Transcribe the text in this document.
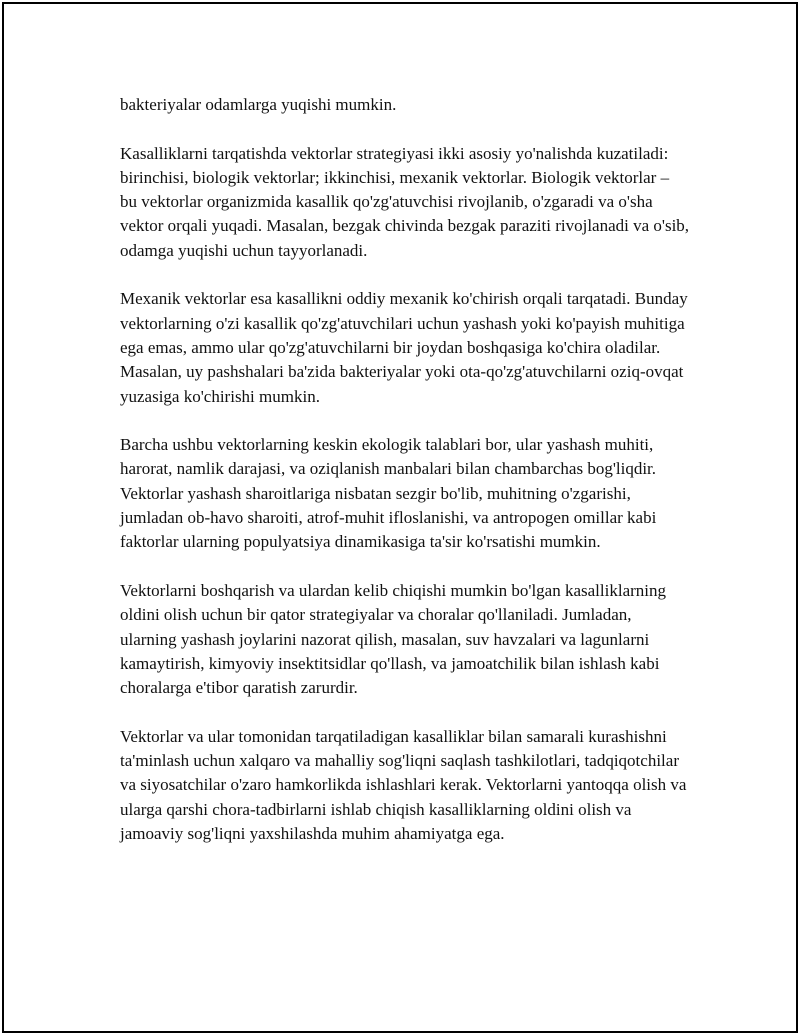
bakteriyalar odamlarga yuqishi mumkin.

Kasalliklarni tarqatishda vektorlar strategiyasi ikki asosiy yo'nalishda kuzatiladi: birinchisi, biologik vektorlar; ikkinchisi, mexanik vektorlar. Biologik vektorlar – bu vektorlar organizmida kasallik qo'zg'atuvchisi rivojlanib, o'zgaradi va o'sha vektor orqali yuqadi. Masalan, bezgak chivinda bezgak paraziti rivojlanadi va o'sib, odamga yuqishi uchun tayyorlanadi.

Mexanik vektorlar esa kasallikni oddiy mexanik ko'chirish orqali tarqatadi. Bunday vektorlarning o'zi kasallik qo'zg'atuvchilari uchun yashash yoki ko'payish muhitiga ega emas, ammo ular qo'zg'atuvchilarni bir joydan boshqasiga ko'chira oladilar. Masalan, uy pashshalari ba'zida bakteriyalar yoki ota-qo'zg'atuvchilarni oziq-ovqat yuzasiga ko'chirishi mumkin.

Barcha ushbu vektorlarning keskin ekologik talablari bor, ular yashash muhiti, harorat, namlik darajasi, va oziqlanish manbalari bilan chambarchas bog'liqdir. Vektorlar yashash sharoitlariga nisbatan sezgir bo'lib, muhitning o'zgarishi, jumladan ob-havo sharoiti, atrof-muhit ifloslanishi, va antropogen omillar kabi faktorlar ularning populyatsiya dinamikasiga ta'sir ko'rsatishi mumkin.

Vektorlarni boshqarish va ulardan kelib chiqishi mumkin bo'lgan kasalliklarning oldini olish uchun bir qator strategiyalar va choralar qo'llaniladi. Jumladan, ularning yashash joylarini nazorat qilish, masalan, suv havzalari va lagunlarni kamaytirish, kimyoviy insektitsidlar qo'llash, va jamoatchilik bilan ishlash kabi choralarga e'tibor qaratish zarurdir.

Vektorlar va ular tomonidan tarqatiladigan kasalliklar bilan samarali kurashishni ta'minlash uchun xalqaro va mahalliy sog'liqni saqlash tashkilotlari, tadqiqotchilar va siyosatchilar o'zaro hamkorlikda ishlashlari kerak. Vektorlarni yantoqqa olish va ularga qarshi chora-tadbirlarni ishlab chiqish kasalliklarning oldini olish va jamoaviy sog'liqni yaxshilashda muhim ahamiyatga ega.
